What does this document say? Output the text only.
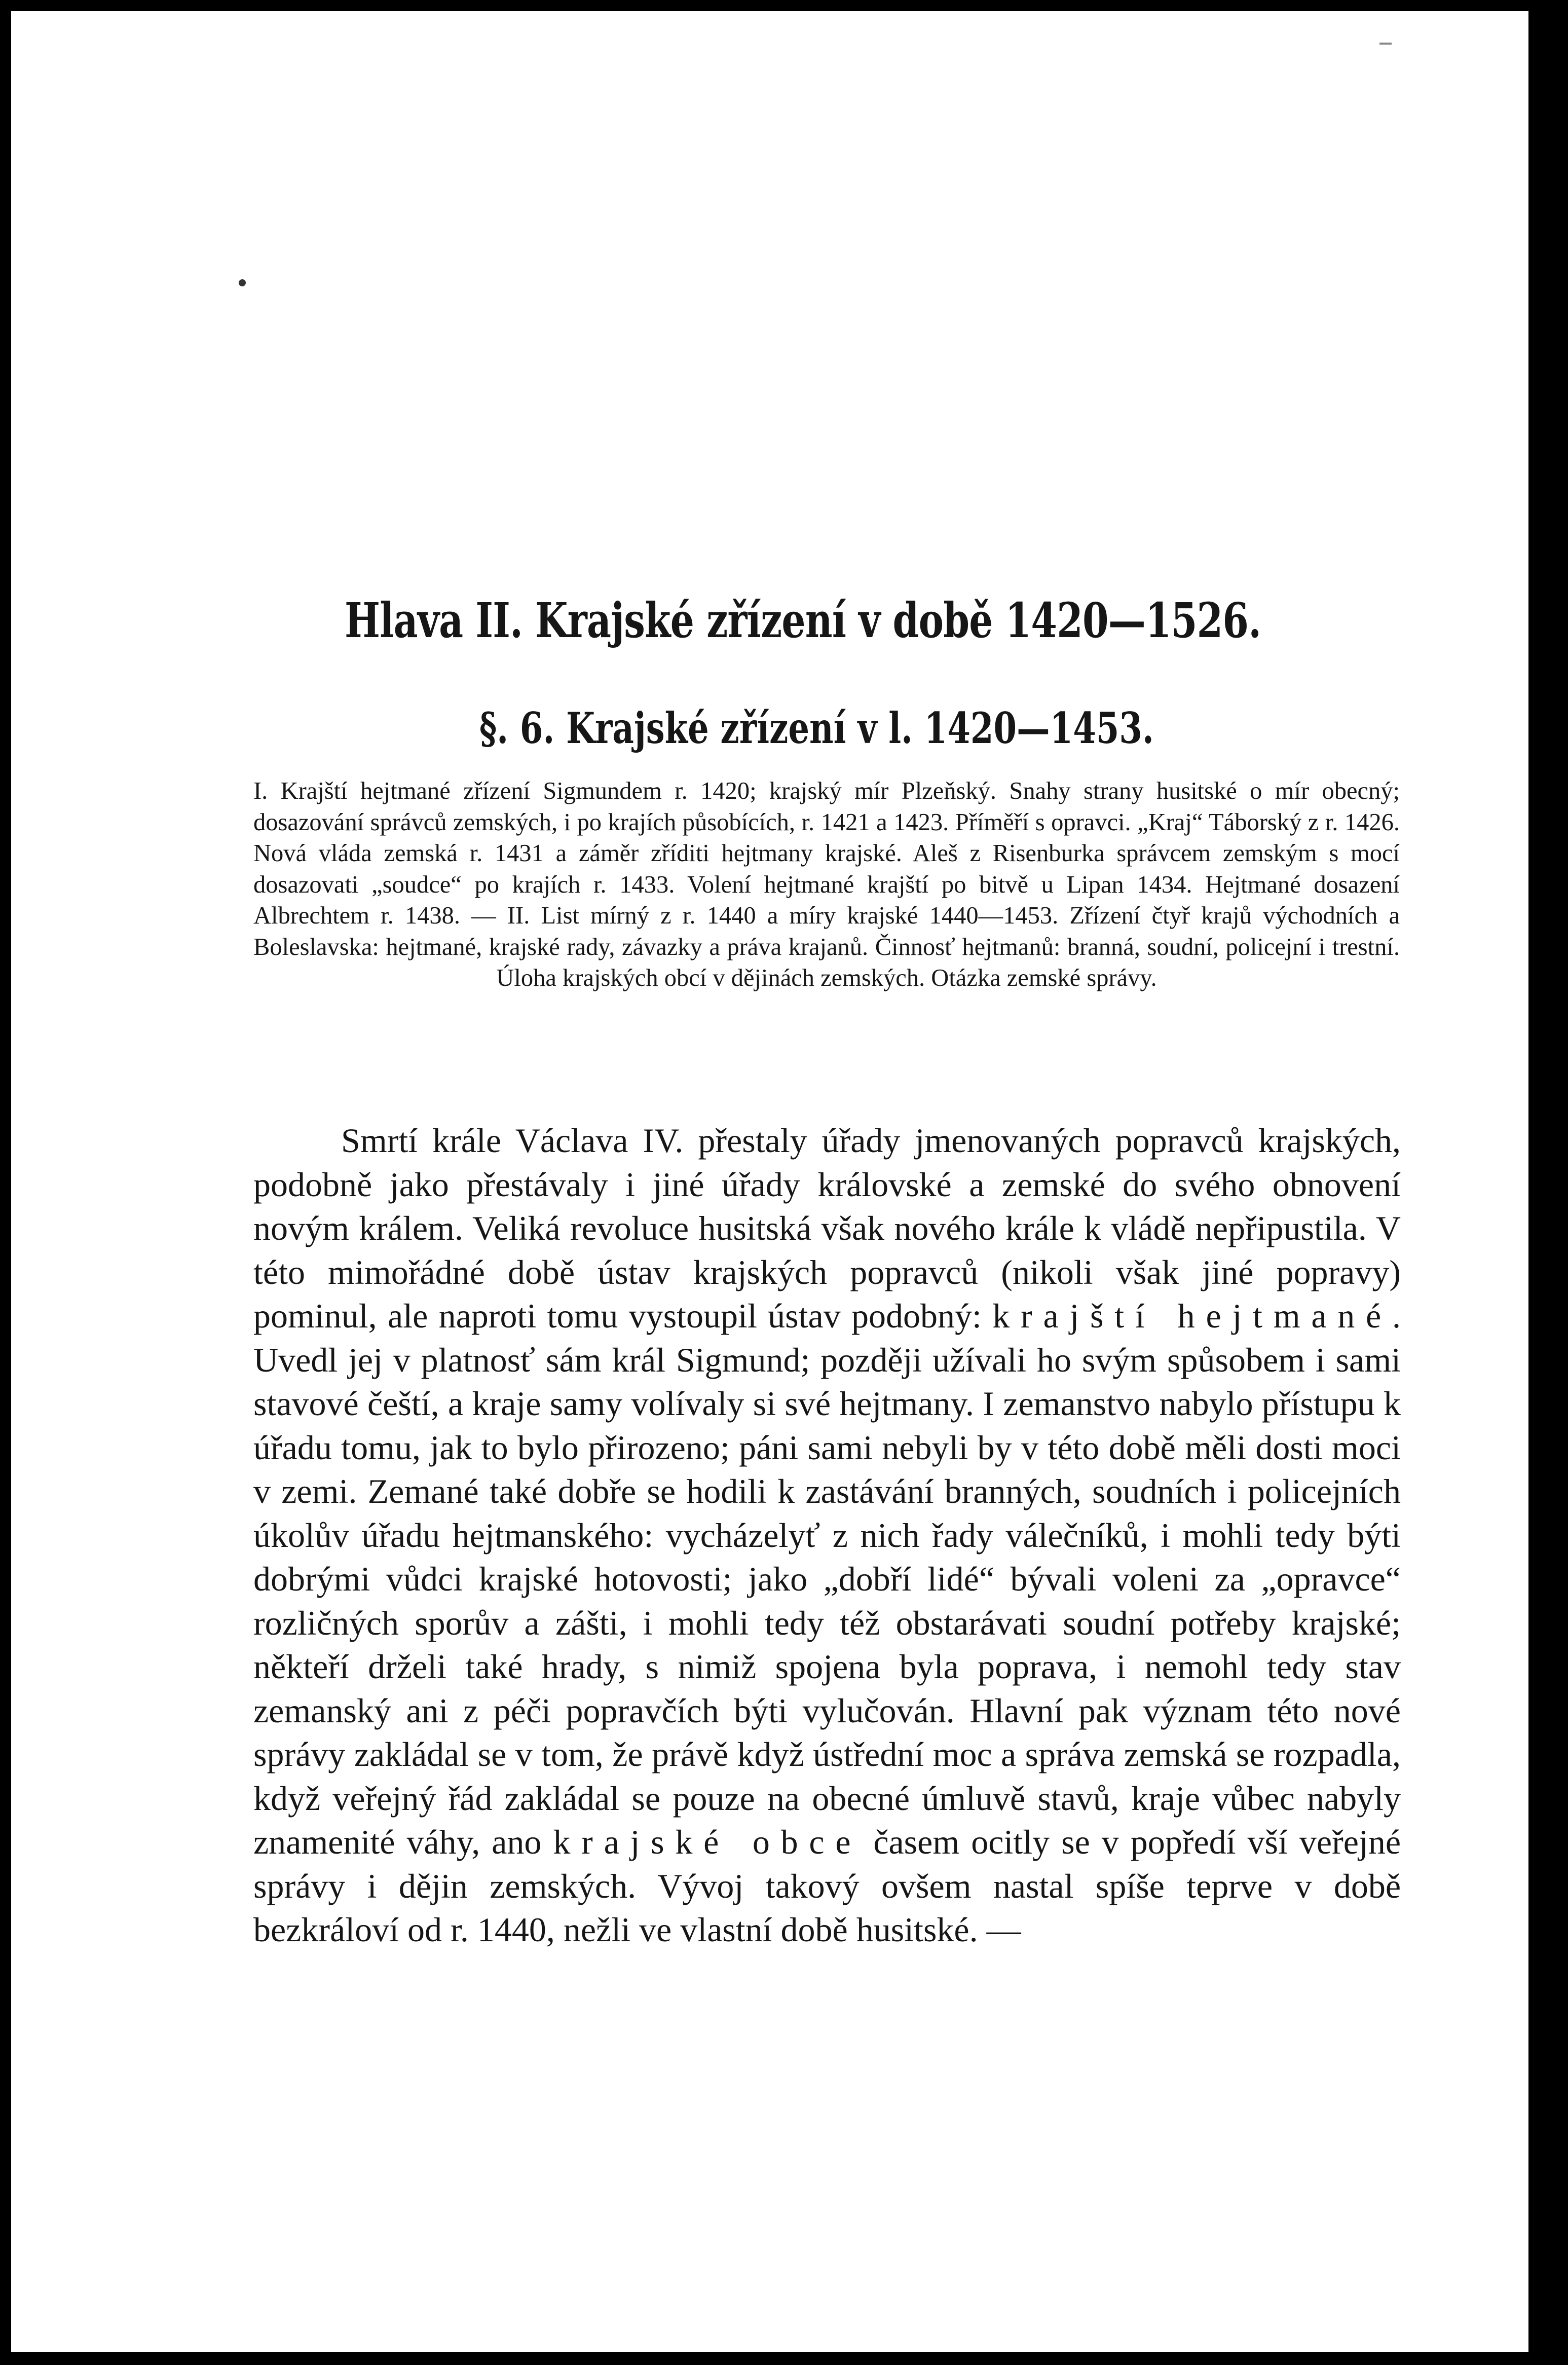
Hlava II. Krajské zřízení v době 1420—1526.
§. 6. Krajské zřízení v l. 1420—1453.

I. Krajští hejtmané zřízení Sigmundem r. 1420; krajský mír Plzeňský. Snahy strany husitské o mír obecný; dosazování správců zemských, i po krajích působících, r. 1421 a 1423. Příměří s opravci. „Kraj“ Táborský z r. 1426. Nová vláda zemská r. 1431 a záměr zříditi hejtmany krajské. Aleš z Risenburka správcem zemským s mocí dosazovati „soudce“ po krajích r. 1433. Volení hejtmané krajští po bitvě u Lipan 1434. Hejtmané dosazení Albrechtem r. 1438. — II. List mírný z r. 1440 a míry krajské 1440—1453. Zřízení čtyř krajů východních a Boleslavska: hejtmané, krajské rady, závazky a práva krajanů. Činnosť hejtmanů: branná, soudní, policejní i trestní. Úloha krajských obcí v dějinách zemských. Otázka zemské správy.

Smrtí krále Václava IV. přestaly úřady jmenovaných popravců krajských, podobně jako přestávaly i jiné úřady královské a zemské do svého obnovení novým králem. Veliká revoluce husitská však nového krále k vládě nepřipustila. V této mimořádné době ústav krajských popravců (nikoli však jiné popravy) pominul, ale naproti tomu vystoupil ústav podobný: krajští hejtmané. Uvedl jej v platnosť sám král Sigmund; později užívali ho svým spůsobem i sami stavové čeští, a kraje samy volívaly si své hejtmany. I zemanstvo nabylo přístupu k úřadu tomu, jak to bylo přirozeno; páni sami nebyli by v této době měli dosti moci v zemi. Zemané také dobře se hodili k zastávání branných, soudních i policejních úkolův úřadu hejtmanského: vycházelyť z nich řady válečníků, i mohli tedy býti dobrými vůdci krajské hotovosti; jako „dobří lidé“ bývali voleni za „opravce“ rozličných sporův a zášti, i mohli tedy též obstarávati soudní potřeby krajské; někteří drželi také hrady, s nimiž spojena byla poprava, i nemohl tedy stav zemanský ani z péči popravčích býti vylučován. Hlavní pak význam této nové správy zakládal se v tom, že právě když ústřední moc a správa zemská se rozpadla, když veřejný řád zakládal se pouze na obecné úmluvě stavů, kraje vůbec nabyly znamenité váhy, ano krajské obce časem ocitly se v popředí vší veřejné správy i dějin zemských. Vývoj takový ovšem nastal spíše teprve v době bezkráloví od r. 1440, nežli ve vlastní době husitské. —
